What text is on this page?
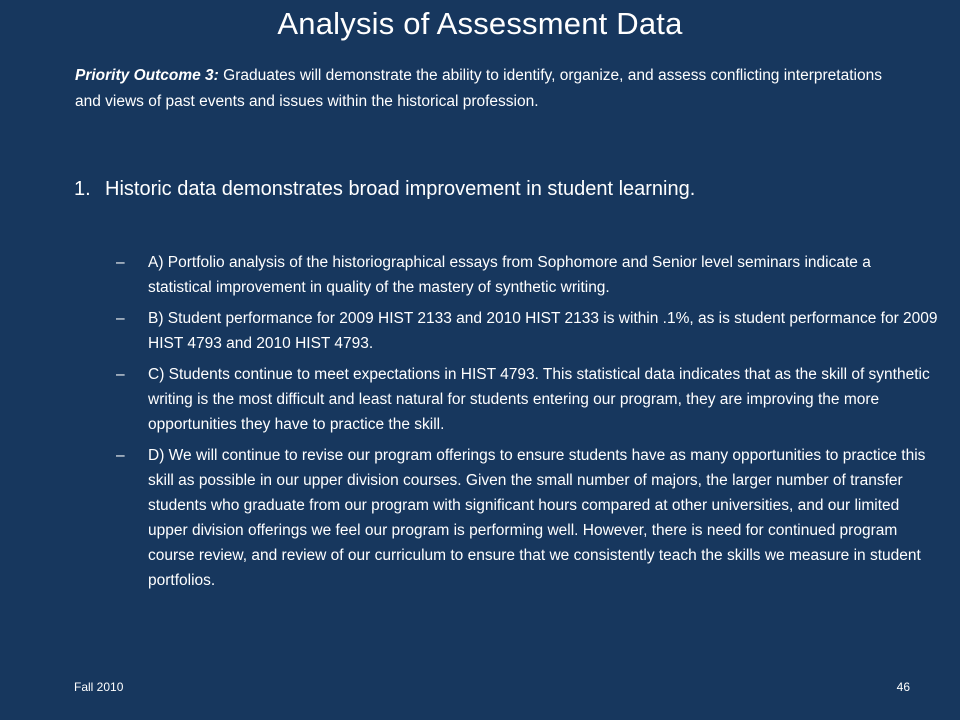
Analysis of Assessment Data
Priority Outcome 3: Graduates will demonstrate the ability to identify, organize, and assess conflicting interpretations and views of past events and issues within the historical profession.
1. Historic data demonstrates broad improvement in student learning.
– A) Portfolio analysis of the historiographical essays from Sophomore and Senior level seminars indicate a statistical improvement in quality of the mastery of synthetic writing.
– B) Student performance for 2009 HIST 2133 and 2010 HIST 2133 is within .1%, as is student performance for 2009 HIST 4793 and 2010 HIST 4793.
– C) Students continue to meet expectations in HIST 4793. This statistical data indicates that as the skill of synthetic writing is the most difficult and least natural for students entering our program, they are improving the more opportunities they have to practice the skill.
– D) We will continue to revise our program offerings to ensure students have as many opportunities to practice this skill as possible in our upper division courses. Given the small number of majors, the larger number of transfer students who graduate from our program with significant hours compared at other universities, and our limited upper division offerings we feel our program is performing well. However, there is need for continued program course review, and review of our curriculum to ensure that we consistently teach the skills we measure in student portfolios.
Fall 2010	46
